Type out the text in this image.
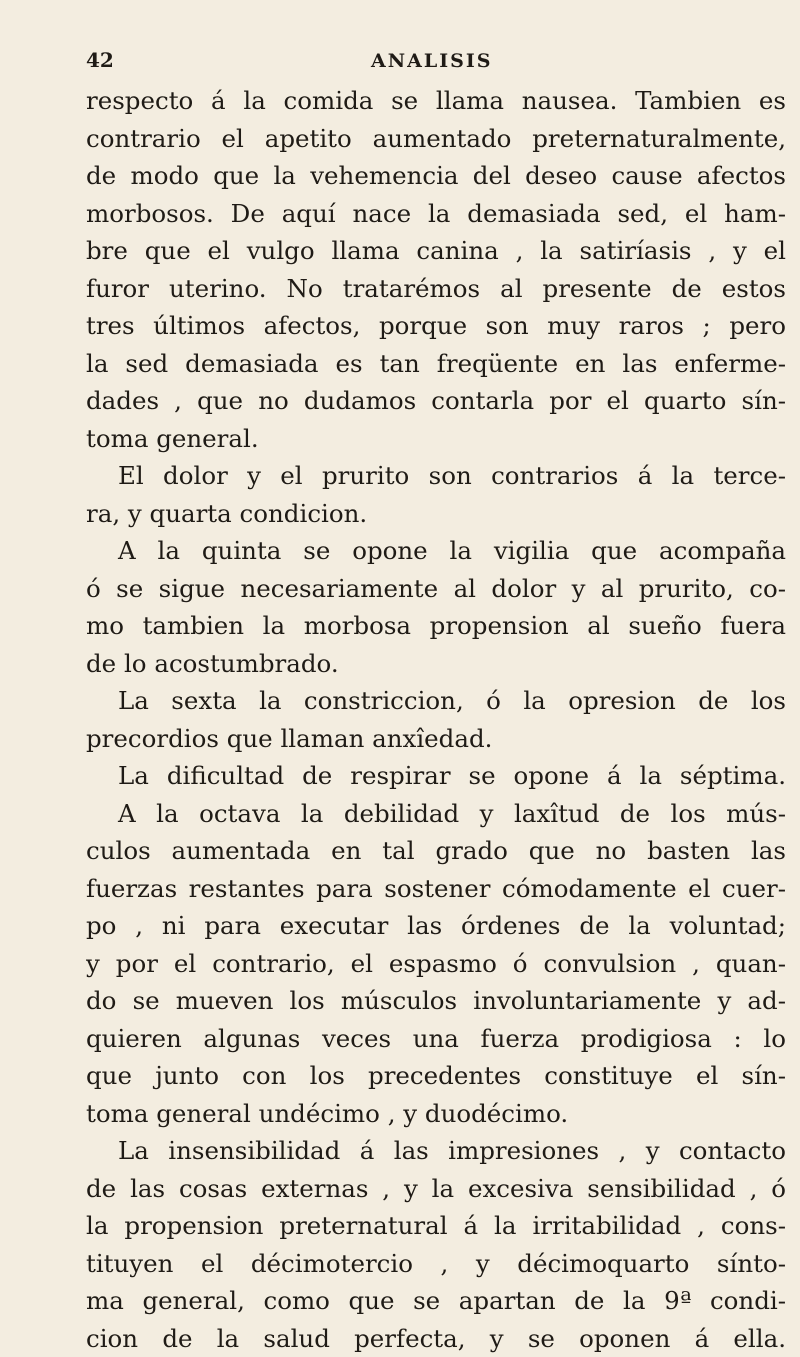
42	ANALISIS
respecto á la comida se llama nausea. Tambien es
contrario el apetito aumentado preternaturalmente,
de modo que la vehemencia del deseo cause afectos
morbosos. De aquí nace la demasiada sed, el ham-
bre que el vulgo llama canina , la satiríasis , y el
furor uterino. No tratarémos al presente de estos
tres últimos afectos, porque son muy raros ; pero
la sed demasiada es tan freqüente en las enferme-
dades , que no dudamos contarla por el quarto sín-
toma general.
El dolor y el prurito son contrarios á la terce-
ra, y quarta condicion.
A la quinta se opone la vigilia que acompaña
ó se sigue necesariamente al dolor y al prurito, co-
mo tambien la morbosa propension al sueño fuera
de lo acostumbrado.
La sexta la constriccion, ó la opresion de los
precordios que llaman anxîedad.
La dificultad de respirar se opone á la séptima.
A la octava la debilidad y laxîtud de los mús-
culos aumentada en tal grado que no basten las
fuerzas restantes para sostener cómodamente el cuer-
po , ni para executar las órdenes de la voluntad;
y por el contrario, el espasmo ó convulsion , quan-
do se mueven los músculos involuntariamente y ad-
quieren algunas veces una fuerza prodigiosa : lo
que junto con los precedentes constituye el sín-
toma general undécimo , y duodécimo.
La insensibilidad á las impresiones , y contacto
de las cosas externas , y la excesiva sensibilidad , ó
la propension preternatural á la irritabilidad , cons-
tituyen el décimotercio , y décimoquarto sínto-
ma general, como que se apartan de la 9ª condi-
cion de la salud perfecta, y se oponen á ella.
